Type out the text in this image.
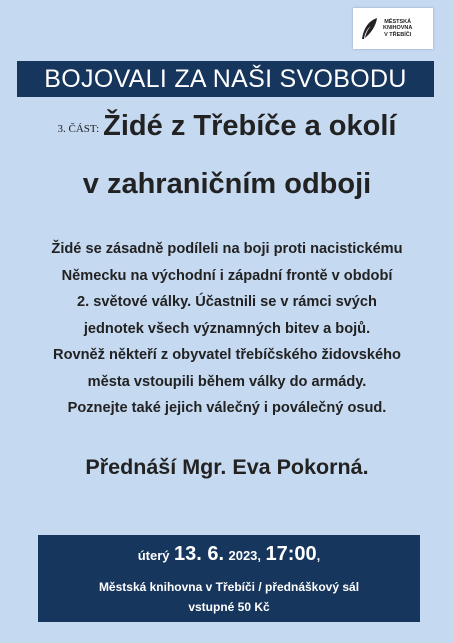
MĚSTSKÁ
KNIHOVNA
V TŘEBÍČI
BOJOVALI ZA NAŠI SVOBODU
3. ČÁST: Židé z Třebíče a okolí
v zahraničním odboji
Židé se zásadně podíleli na boji proti nacistickému
Německu na východní i západní frontě v období
2. světové války. Účastnili se v rámci svých
jednotek všech významných bitev a bojů.
Rovněž někteří z obyvatel třebíčského židovského
města vstoupili během války do armády.
Poznejte také jejich válečný i poválečný osud.
Přednáší Mgr. Eva Pokorná.
úterý 13. 6. 2023, 17:00,
Městská knihovna v Třebíči / přednáškový sál
vstupné 50 Kč
